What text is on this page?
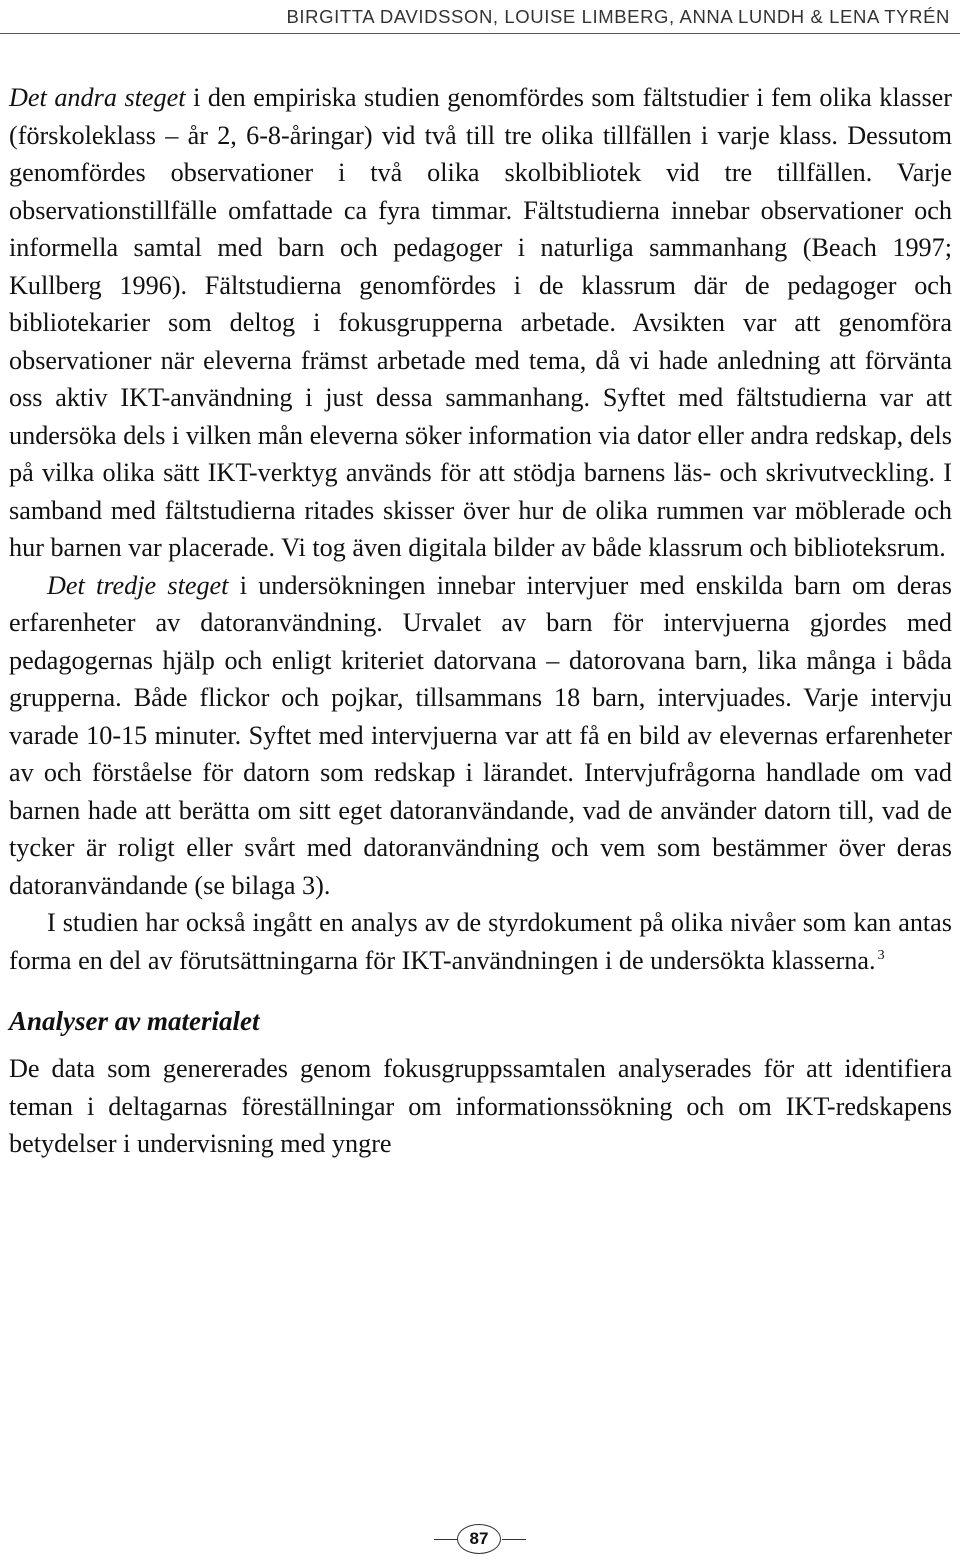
BIRGITTA DAVIDSSON, LOUISE LIMBERG, ANNA LUNDH & LENA TYRÉN

Det andra steget i den empiriska studien genomfördes som fältstudier i fem olika klasser (förskoleklass – år 2, 6-8-åringar) vid två till tre olika tillfällen i varje klass. Dessutom genomfördes observationer i två olika skolbibliotek vid tre tillfällen. Varje observationstillfälle omfattade ca fyra timmar. Fältstudierna innebar observationer och informella samtal med barn och pedagoger i naturliga sammanhang (Beach 1997; Kullberg 1996). Fältstudierna genomfördes i de klassrum där de pedagoger och bibliotekarier som deltog i fokusgrupperna arbetade. Avsikten var att genomföra observationer när eleverna främst arbetade med tema, då vi hade anledning att förvänta oss aktiv IKT-användning i just dessa sammanhang. Syftet med fältstudierna var att undersöka dels i vilken mån eleverna söker information via dator eller andra redskap, dels på vilka olika sätt IKT-verktyg används för att stödja barnens läs- och skrivutveckling. I samband med fältstudierna ritades skisser över hur de olika rummen var möblerade och hur barnen var placerade. Vi tog även digitala bilder av både klassrum och biblioteksrum.

Det tredje steget i undersökningen innebar intervjuer med enskilda barn om deras erfarenheter av datoranvändning. Urvalet av barn för intervjuerna gjordes med pedagogernas hjälp och enligt kriteriet datorvana – datorovana barn, lika många i båda grupperna. Både flickor och pojkar, tillsammans 18 barn, intervjuades. Varje intervju varade 10-15 minuter. Syftet med intervjuerna var att få en bild av elevernas erfarenheter av och förståelse för datorn som redskap i lärandet. Intervjufrågorna handlade om vad barnen hade att berätta om sitt eget datoranvändande, vad de använder datorn till, vad de tycker är roligt eller svårt med datoranvändning och vem som bestämmer över deras datoranvändande (se bilaga 3).

I studien har också ingått en analys av de styrdokument på olika nivåer som kan antas forma en del av förutsättningarna för IKT-användningen i de undersökta klasserna. $^3$

Analyser av materialet

De data som genererades genom fokusgruppssamtalen analyserades för att identifiera teman i deltagarnas föreställningar om informationssökning och om IKT-redskapens betydelser i undervisning med yngre

87
